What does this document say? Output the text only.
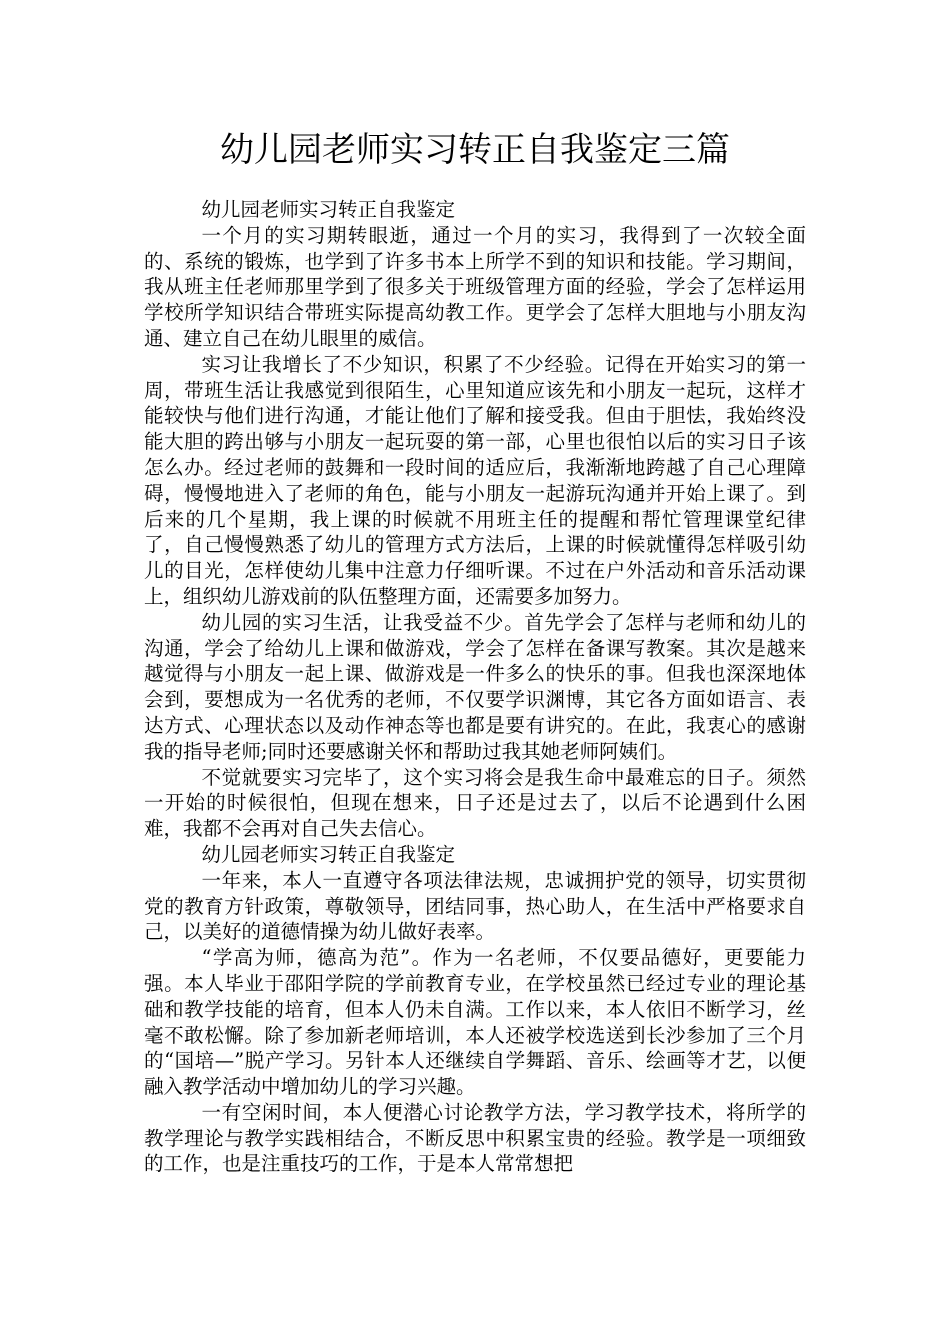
幼儿园老师实习转正自我鉴定三篇

幼儿园老师实习转正自我鉴定

一个月的实习期转眼逝，通过一个月的实习，我得到了一次较全面的、系统的锻炼，也学到了许多书本上所学不到的知识和技能。学习期间，我从班主任老师那里学到了很多关于班级管理方面的经验，学会了怎样运用学校所学知识结合带班实际提高幼教工作。更学会了怎样大胆地与小朋友沟通、建立自己在幼儿眼里的威信。

实习让我增长了不少知识，积累了不少经验。记得在开始实习的第一周，带班生活让我感觉到很陌生，心里知道应该先和小朋友一起玩，这样才能较快与他们进行沟通，才能让他们了解和接受我。但由于胆怯，我始终没能大胆的跨出够与小朋友一起玩耍的第一部，心里也很怕以后的实习日子该怎么办。经过老师的鼓舞和一段时间的适应后，我渐渐地跨越了自己心理障碍，慢慢地进入了老师的角色，能与小朋友一起游玩沟通并开始上课了。到后来的几个星期，我上课的时候就不用班主任的提醒和帮忙管理课堂纪律了，自己慢慢熟悉了幼儿的管理方式方法后，上课的时候就懂得怎样吸引幼儿的目光，怎样使幼儿集中注意力仔细听课。不过在户外活动和音乐活动课上，组织幼儿游戏前的队伍整理方面，还需要多加努力。

幼儿园的实习生活，让我受益不少。首先学会了怎样与老师和幼儿的沟通，学会了给幼儿上课和做游戏，学会了怎样在备课写教案。其次是越来越觉得与小朋友一起上课、做游戏是一件多么的快乐的事。但我也深深地体会到，要想成为一名优秀的老师，不仅要学识渊博，其它各方面如语言、表达方式、心理状态以及动作神态等也都是要有讲究的。在此，我衷心的感谢我的指导老师;同时还要感谢关怀和帮助过我其她老师阿姨们。

不觉就要实习完毕了，这个实习将会是我生命中最难忘的日子。须然一开始的时候很怕，但现在想来，日子还是过去了，以后不论遇到什么困难，我都不会再对自己失去信心。

幼儿园老师实习转正自我鉴定

一年来，本人一直遵守各项法律法规，忠诚拥护党的领导，切实贯彻党的教育方针政策，尊敬领导，团结同事，热心助人，在生活中严格要求自己，以美好的道德情操为幼儿做好表率。

“学高为师，德高为范”。作为一名老师，不仅要品德好，更要能力强。本人毕业于邵阳学院的学前教育专业，在学校虽然已经过专业的理论基础和教学技能的培育，但本人仍未自满。工作以来，本人依旧不断学习，丝毫不敢松懈。除了参加新老师培训，本人还被学校选送到长沙参加了三个月的“国培—”脱产学习。另针本人还继续自学舞蹈、音乐、绘画等才艺，以便融入教学活动中增加幼儿的学习兴趣。

一有空闲时间，本人便潜心讨论教学方法，学习教学技术，将所学的教学理论与教学实践相结合，不断反思中积累宝贵的经验。教学是一项细致的工作，也是注重技巧的工作，于是本人常常想把
